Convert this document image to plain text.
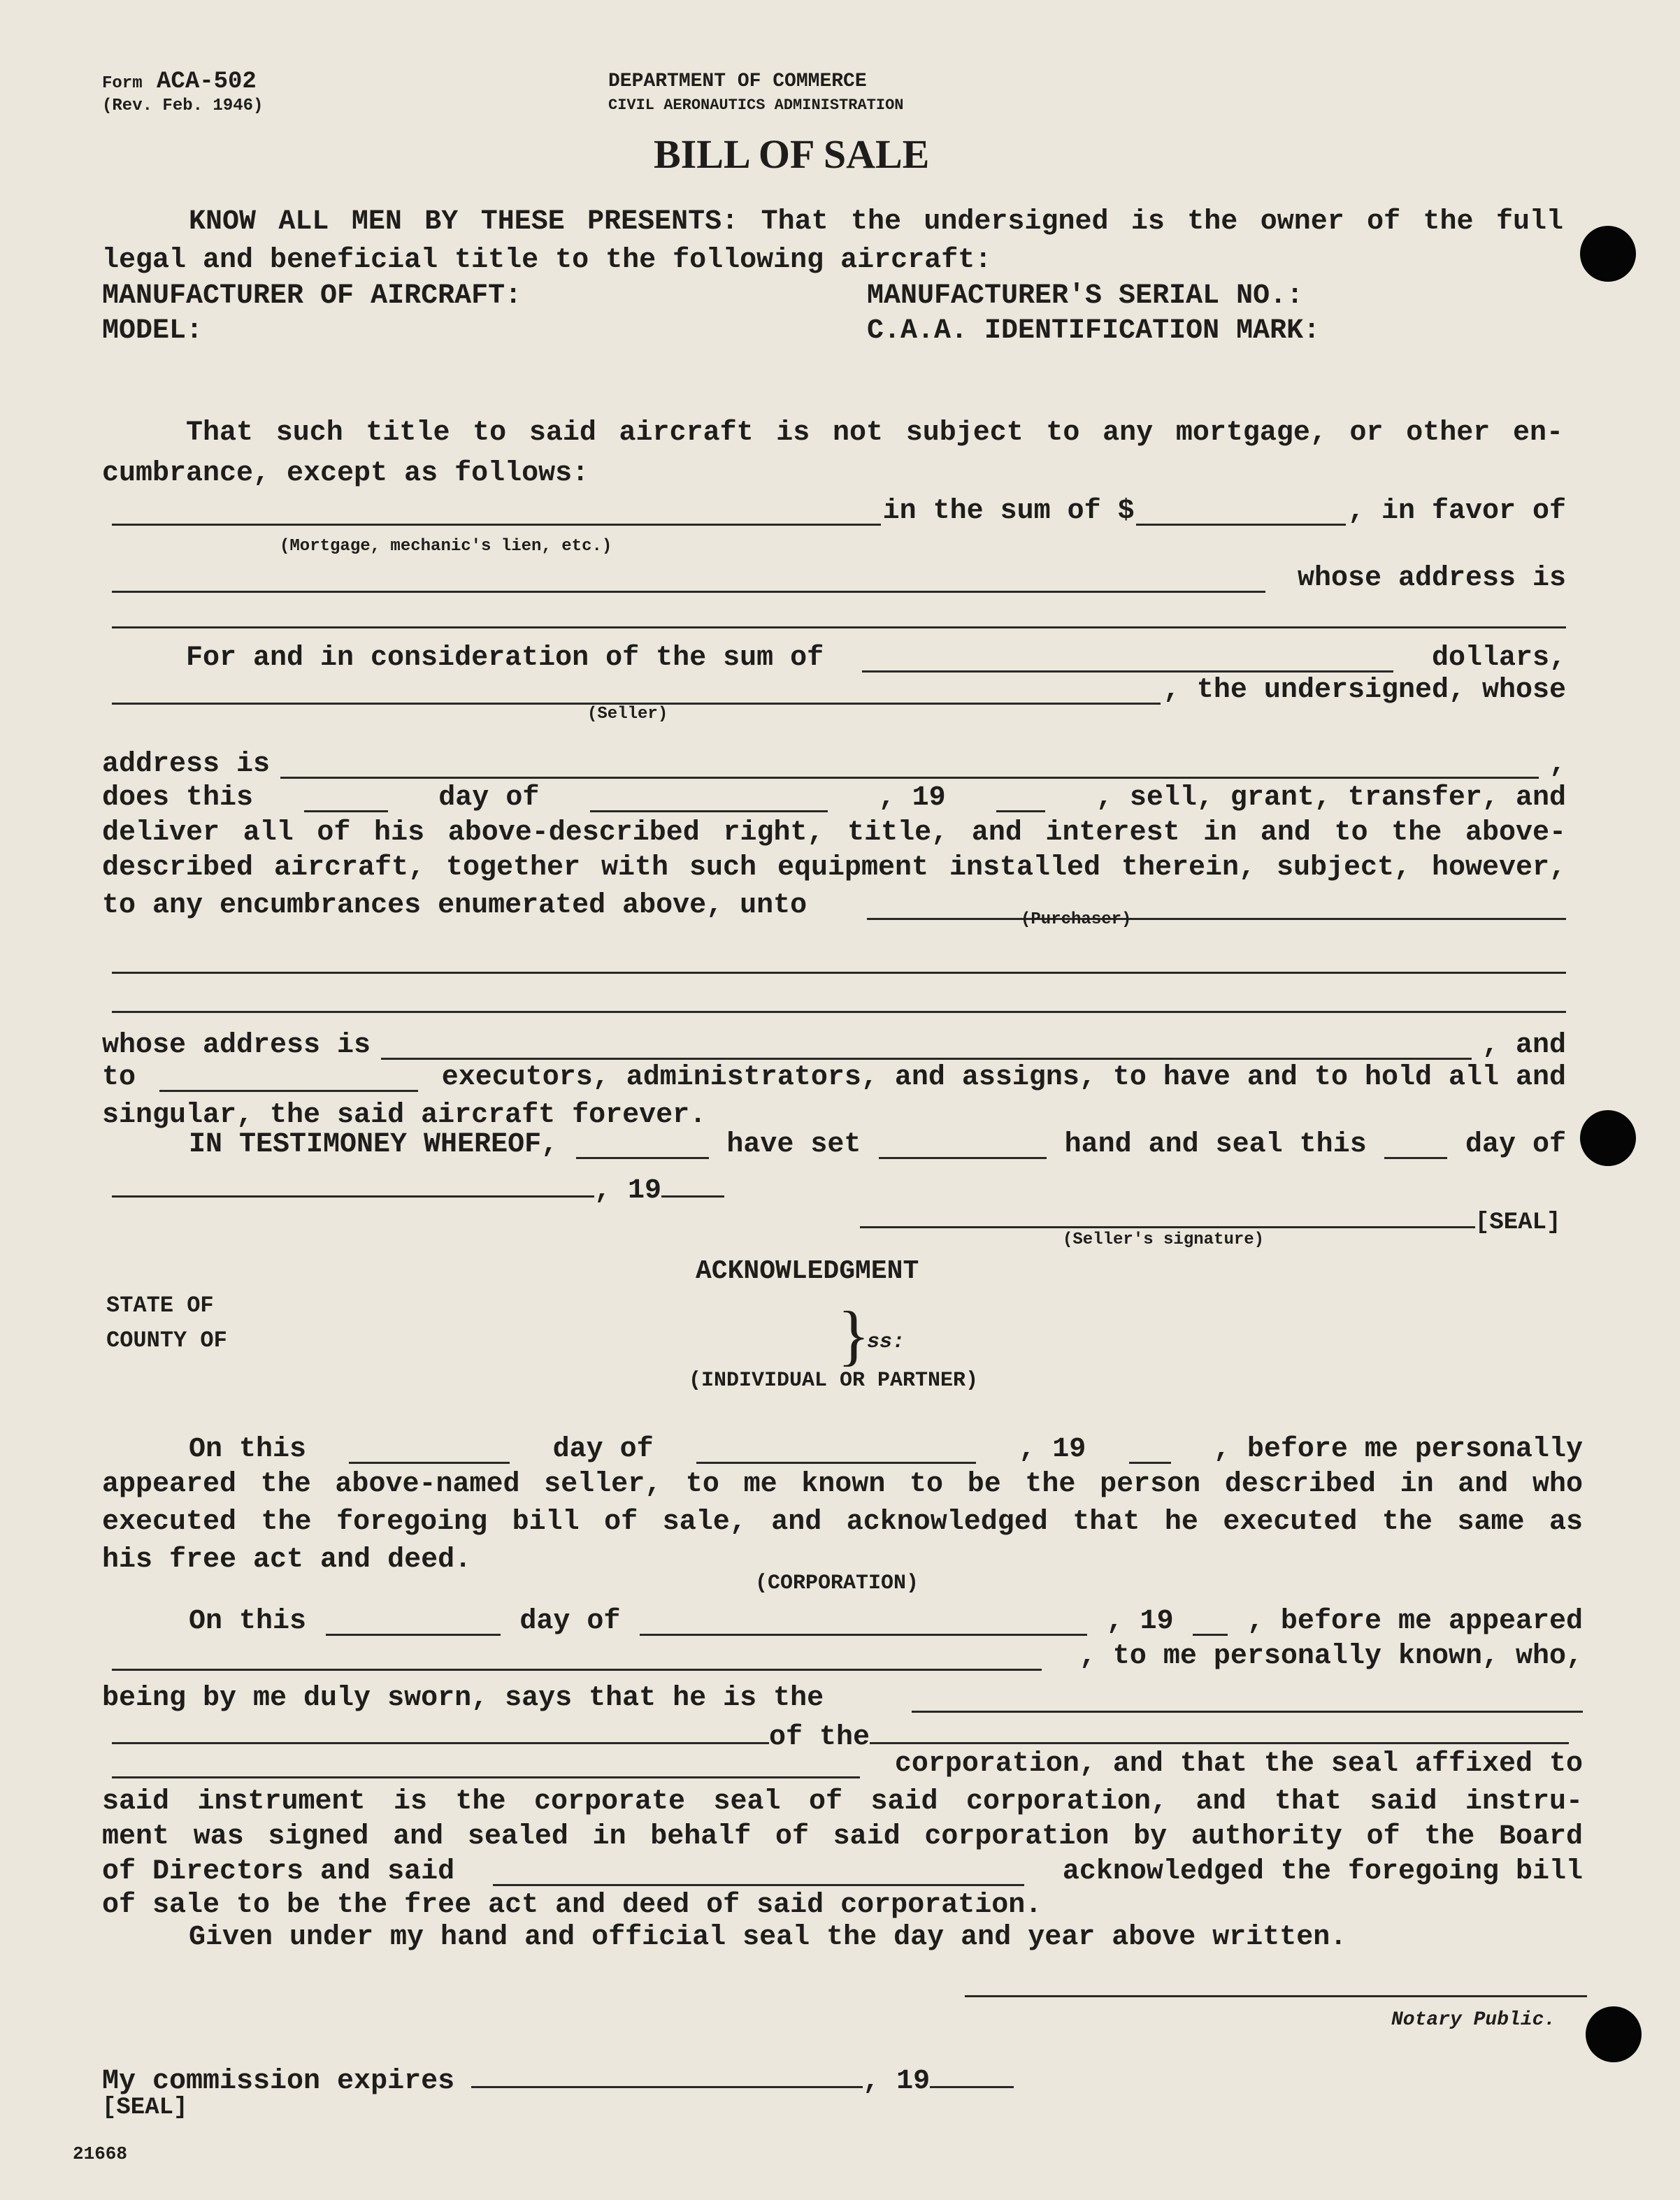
Form ACA-502
(Rev. Feb. 1946)
DEPARTMENT OF COMMERCE
CIVIL AERONAUTICS ADMINISTRATION
BILL OF SALE
KNOW ALL MEN BY THESE PRESENTS: That the undersigned is the owner of the full
legal and beneficial title to the following aircraft:
MANUFACTURER OF AIRCRAFT:	MANUFACTURER'S SERIAL NO.:
MODEL:	C.A.A. IDENTIFICATION MARK:
That such title to said aircraft is not subject to any mortgage, or other en-
cumbrance, except as follows:
in the sum of $	, in favor of
(Mortgage, mechanic's lien, etc.)
whose address is
For and in consideration of the sum of	dollars,
, the undersigned, whose
(Seller)
address is	,
does this	day of	, 19	, sell, grant, transfer, and
deliver all of his above-described right, title, and interest in and to the above-
described aircraft, together with such equipment installed therein, subject, however,
to any encumbrances enumerated above, unto	(Purchaser)
whose address is	, and
to	executors, administrators, and assigns, to have and to hold all and
singular, the said aircraft forever.
IN TESTIMONEY WHEREOF,	have set	hand and seal this	day of
, 19
[SEAL]
(Seller's signature)
ACKNOWLEDGMENT
STATE OF
COUNTY OF	}
ss:
(INDIVIDUAL OR PARTNER)
On this	day of	, 19	, before me personally
appeared the above-named seller, to me known to be the person described in and who
executed the foregoing bill of sale, and acknowledged that he executed the same as
his free act and deed.
(CORPORATION)
On this	day of	, 19	, before me appeared
, to me personally known, who,
being by me duly sworn, says that he is the
of the
corporation, and that the seal affixed to
said instrument is the corporate seal of said corporation, and that said instru-
ment was signed and sealed in behalf of said corporation by authority of the Board
of Directors and said	acknowledged the foregoing bill
of sale to be the free act and deed of said corporation.
Given under my hand and official seal the day and year above written.
Notary Public.
My commission expires	, 19
[SEAL]
21668
